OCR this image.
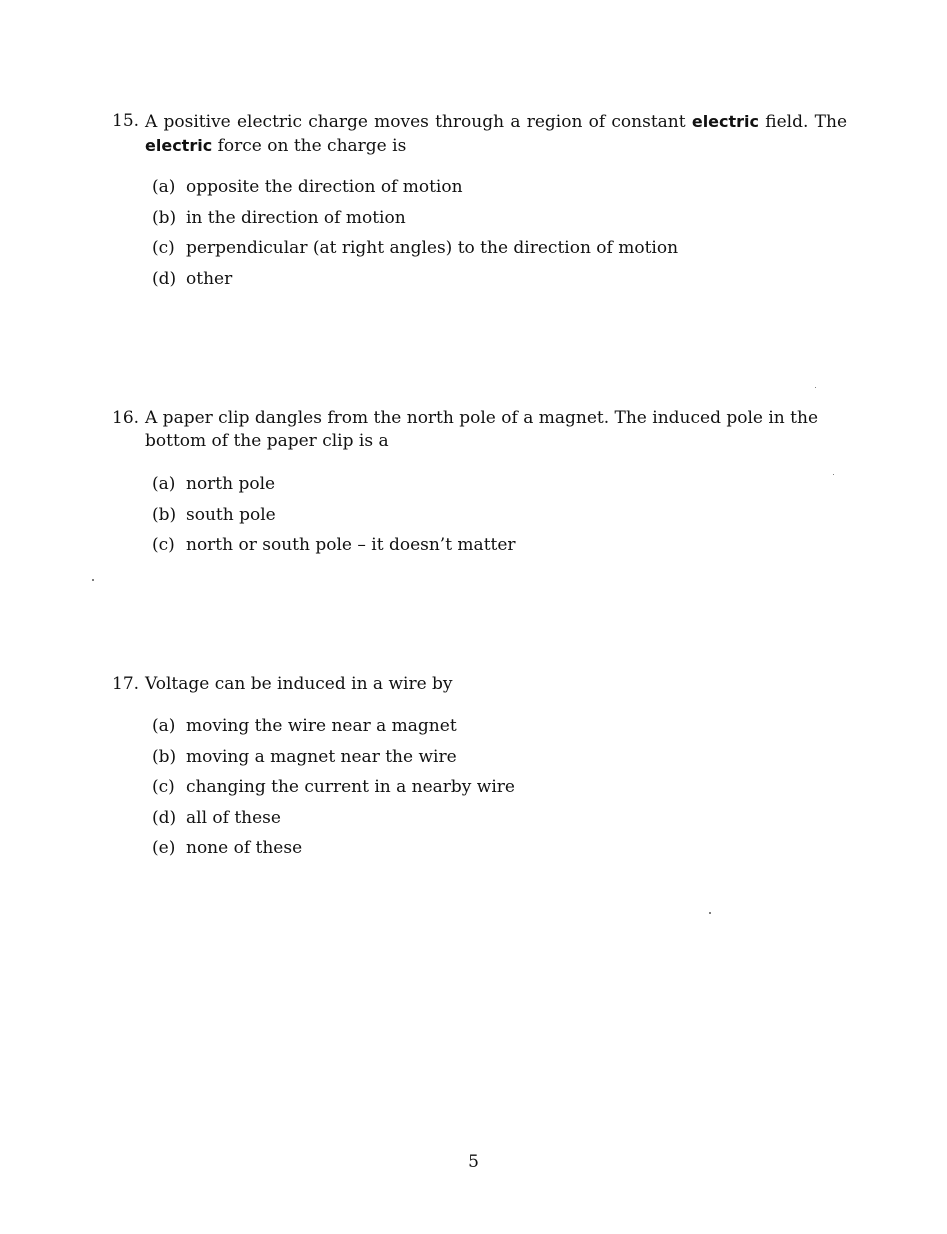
15. A positive electric charge moves through a region of constant electric field. The electric force on the charge is
(a) opposite the direction of motion
(b) in the direction of motion
(c) perpendicular (at right angles) to the direction of motion
(d) other
16. A paper clip dangles from the north pole of a magnet. The induced pole in the bottom of the paper clip is a
(a) north pole
(b) south pole
(c) north or south pole – it doesn’t matter
17. Voltage can be induced in a wire by
(a) moving the wire near a magnet
(b) moving a magnet near the wire
(c) changing the current in a nearby wire
(d) all of these
(e) none of these
5
